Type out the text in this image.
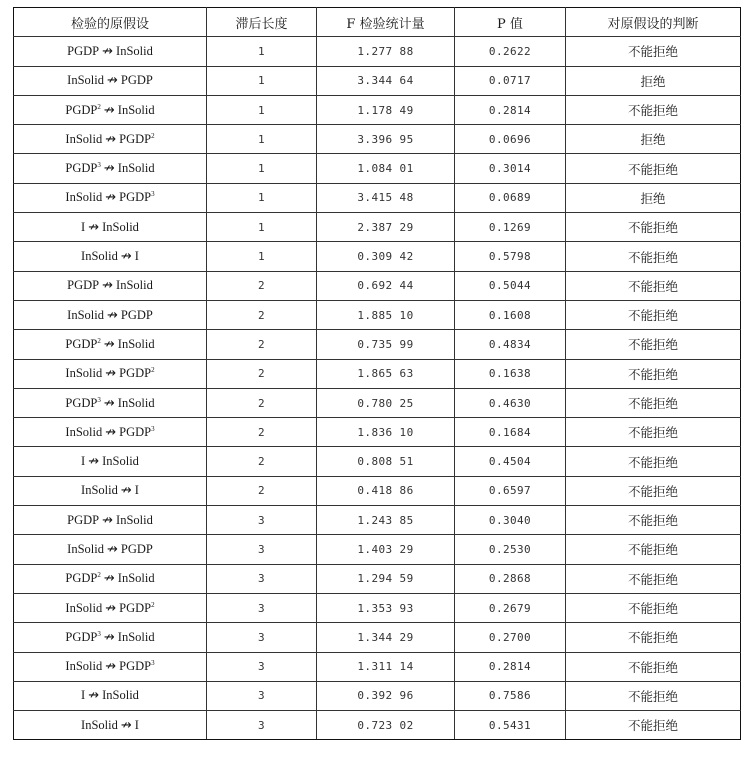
检验的原假设	滞后长度	F 检验统计量	P 值	对原假设的判断
PGDP ↛ InSolid	1	1.277 88	0.2622	不能拒绝
InSolid ↛ PGDP	1	3.344 64	0.0717	拒绝
PGDP$^2$ ↛ InSolid	1	1.178 49	0.2814	不能拒绝
InSolid ↛ PGDP$^2$	1	3.396 95	0.0696	拒绝
PGDP$^3$ ↛ InSolid	1	1.084 01	0.3014	不能拒绝
InSolid ↛ PGDP$^3$	1	3.415 48	0.0689	拒绝
I ↛ InSolid	1	2.387 29	0.1269	不能拒绝
InSolid ↛ I	1	0.309 42	0.5798	不能拒绝
PGDP ↛ InSolid	2	0.692 44	0.5044	不能拒绝
InSolid ↛ PGDP	2	1.885 10	0.1608	不能拒绝
PGDP$^2$ ↛ InSolid	2	0.735 99	0.4834	不能拒绝
InSolid ↛ PGDP$^2$	2	1.865 63	0.1638	不能拒绝
PGDP$^3$ ↛ InSolid	2	0.780 25	0.4630	不能拒绝
InSolid ↛ PGDP$^3$	2	1.836 10	0.1684	不能拒绝
I ↛ InSolid	2	0.808 51	0.4504	不能拒绝
InSolid ↛ I	2	0.418 86	0.6597	不能拒绝
PGDP ↛ InSolid	3	1.243 85	0.3040	不能拒绝
InSolid ↛ PGDP	3	1.403 29	0.2530	不能拒绝
PGDP$^2$ ↛ InSolid	3	1.294 59	0.2868	不能拒绝
InSolid ↛ PGDP$^2$	3	1.353 93	0.2679	不能拒绝
PGDP$^3$ ↛ InSolid	3	1.344 29	0.2700	不能拒绝
InSolid ↛ PGDP$^3$	3	1.311 14	0.2814	不能拒绝
I ↛ InSolid	3	0.392 96	0.7586	不能拒绝
InSolid ↛ I	3	0.723 02	0.5431	不能拒绝
